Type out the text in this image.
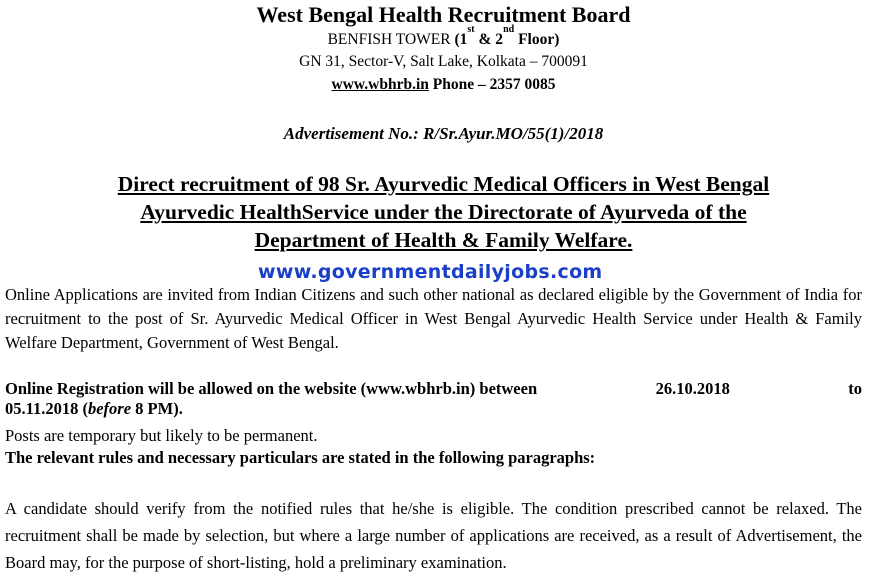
West Bengal Health Recruitment Board
BENFISH TOWER (1st & 2nd Floor)
GN 31, Sector-V, Salt Lake, Kolkata – 700091
www.wbhrb.in Phone – 2357 0085
Advertisement No.: R/Sr.Ayur.MO/55(1)/2018
Direct recruitment of 98 Sr. Ayurvedic Medical Officers in West Bengal
Ayurvedic HealthService under the Directorate of Ayurveda of the
Department of Health & Family Welfare.
www.governmentdailyjobs.com
Online Applications are invited from Indian Citizens and such other national as declared eligible by the Government of India for recruitment to the post of Sr. Ayurvedic Medical Officer in West Bengal Ayurvedic Health Service under Health & Family Welfare Department, Government of West Bengal.
Online Registration will be allowed on the website (www.wbhrb.in) between	26.10.2018	to
05.11.2018 (before 8 PM).
Posts are temporary but likely to be permanent.
The relevant rules and necessary particulars are stated in the following paragraphs:
A candidate should verify from the notified rules that he/she is eligible. The condition prescribed cannot be relaxed. The recruitment shall be made by selection, but where a large number of applications are received, as a result of Advertisement, the Board may, for the purpose of short-listing, hold a preliminary examination.
